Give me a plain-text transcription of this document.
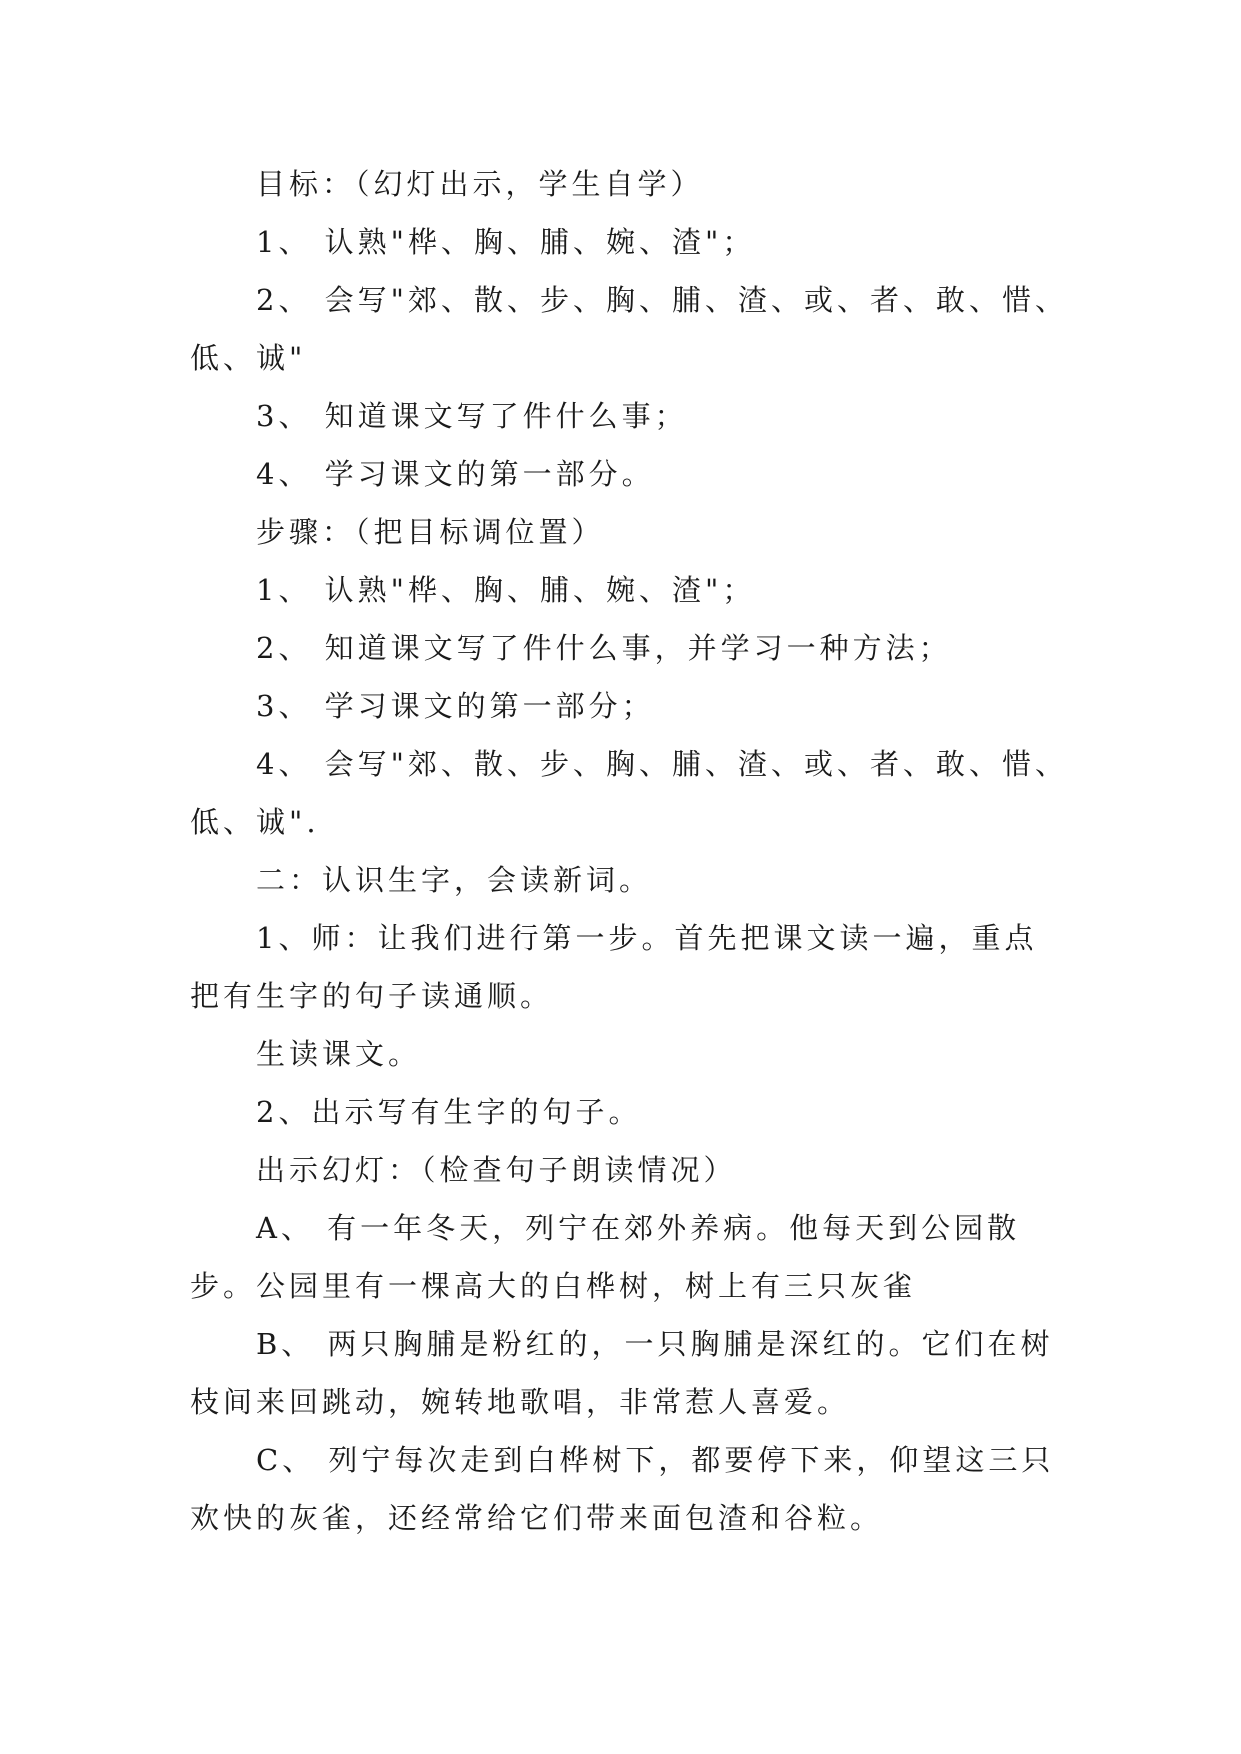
目标：（幻灯出示，学生自学）

1、 认熟"桦、胸、脯、婉、渣"；

2、 会写"郊、散、步、胸、脯、渣、或、者、敢、惜、低、诚"

3、 知道课文写了件什么事；

4、 学习课文的第一部分。

步骤：（把目标调位置）

1、 认熟"桦、胸、脯、婉、渣"；

2、 知道课文写了件什么事，并学习一种方法；

3、 学习课文的第一部分；

4、 会写"郊、散、步、胸、脯、渣、或、者、敢、惜、低、诚".

二：认识生字，会读新词。

1、师：让我们进行第一步。首先把课文读一遍，重点把有生字的句子读通顺。

生读课文。

2、出示写有生字的句子。

出示幻灯：（检查句子朗读情况）

A、 有一年冬天，列宁在郊外养病。他每天到公园散步。公园里有一棵高大的白桦树，树上有三只灰雀

B、 两只胸脯是粉红的，一只胸脯是深红的。它们在树枝间来回跳动，婉转地歌唱，非常惹人喜爱。

C、 列宁每次走到白桦树下，都要停下来，仰望这三只欢快的灰雀，还经常给它们带来面包渣和谷粒。
